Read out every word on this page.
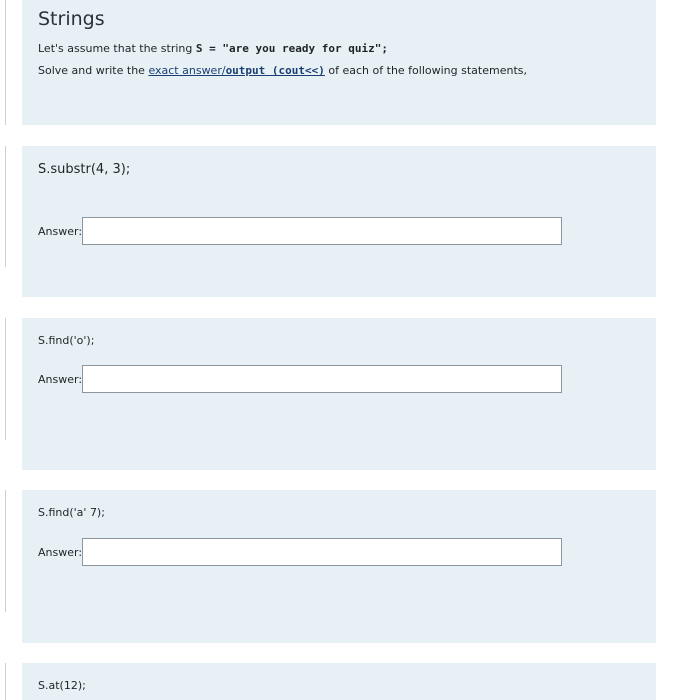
Strings
Let's assume that the string S = "are you ready for quiz";
Solve and write the exact answer/output (cout<<) of each of the following statements,
S.substr(4, 3);
Answer:
S.find('o');
Answer:
S.find('a' 7);
Answer:
S.at(12);
